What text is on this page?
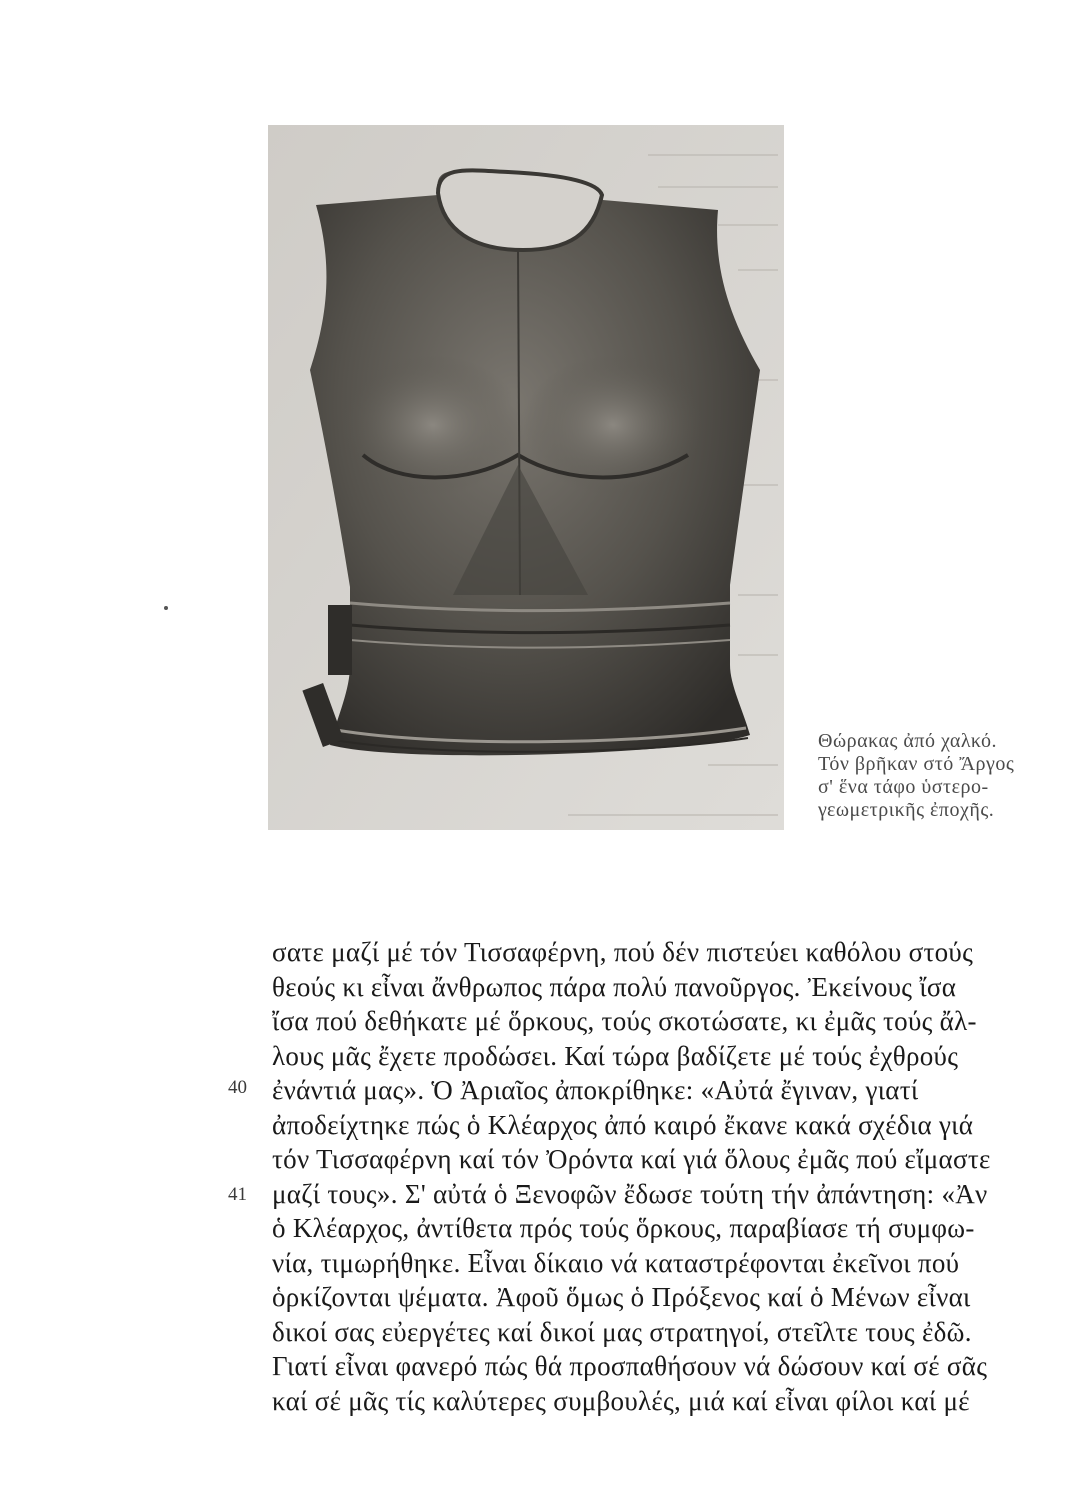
Θώρακας ἀπό χαλκό.
Τόν βρῆκαν στό Ἄργος
σ' ἕνα τάφο ὑστερο-
γεωμετρικῆς ἐποχῆς.
40
41
σατε μαζί μέ τόν Τισσαφέρνη, πού δέν πιστεύει καθόλου στούς
θεούς κι εἶναι ἄνθρωπος πάρα πολύ πανοῦργος. Ἐκείνους ἴσα
ἴσα πού δεθήκατε μέ ὅρκους, τούς σκοτώσατε, κι ἐμᾶς τούς ἄλ-
λους μᾶς ἔχετε προδώσει. Καί τώρα βαδίζετε μέ τούς ἐχθρούς
ἐνάντιά μας». Ὁ Ἀριαῖος ἀποκρίθηκε: «Αὐτά ἔγιναν, γιατί
ἀποδείχτηκε πώς ὁ Κλέαρχος ἀπό καιρό ἔκανε κακά σχέδια γιά
τόν Τισσαφέρνη καί τόν Ὀρόντα καί γιά ὅλους ἐμᾶς πού εἴμαστε
μαζί τους». Σ' αὐτά ὁ Ξενοφῶν ἔδωσε τούτη τήν ἀπάντηση: «Ἀν
ὁ Κλέαρχος, ἀντίθετα πρός τούς ὅρκους, παραβίασε τή συμφω-
νία, τιμωρήθηκε. Εἶναι δίκαιο νά καταστρέφονται ἐκεῖνοι πού
ὁρκίζονται ψέματα. Ἀφοῦ ὅμως ὁ Πρόξενος καί ὁ Μένων εἶναι
δικοί σας εὐεργέτες καί δικοί μας στρατηγοί, στεῖλτε τους ἐδῶ.
Γιατί εἶναι φανερό πώς θά προσπαθήσουν νά δώσουν καί σέ σᾶς
καί σέ μᾶς τίς καλύτερες συμβουλές, μιά καί εἶναι φίλοι καί μέ
